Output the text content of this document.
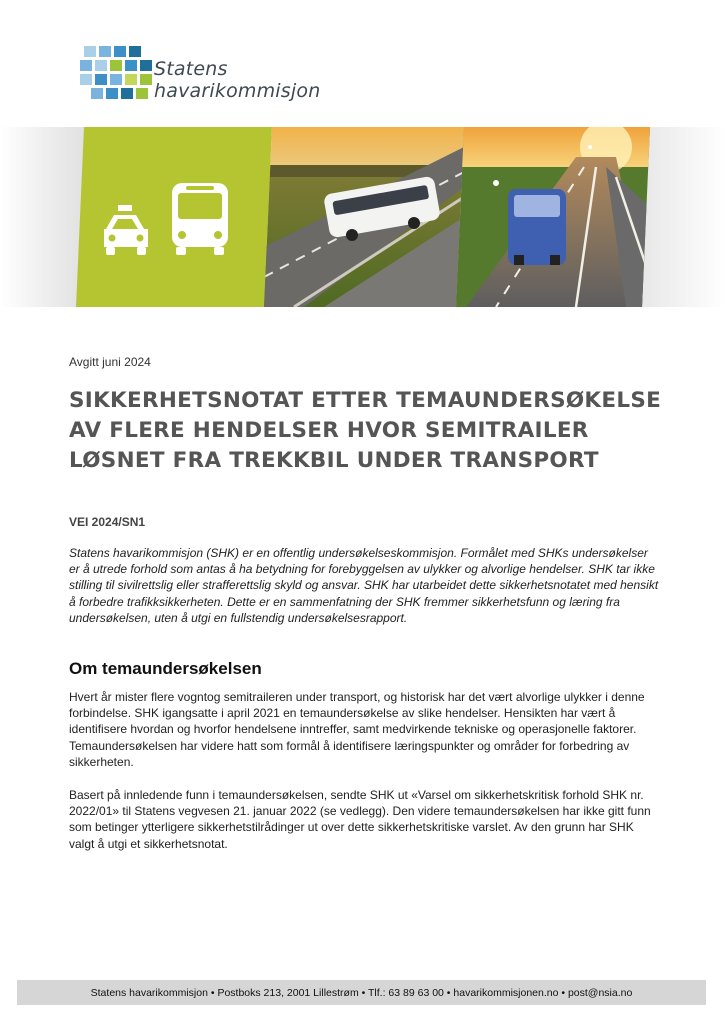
Statens
havarikommisjon
Avgitt juni 2024
SIKKERHETSNOTAT ETTER TEMAUNDERSØKELSE AV FLERE HENDELSER HVOR SEMITRAILER LØSNET FRA TREKKBIL UNDER TRANSPORT
VEI 2024/SN1

Statens havarikommisjon (SHK) er en offentlig undersøkelseskommisjon. Formålet med SHKs undersøkelser er å utrede forhold som antas å ha betydning for forebyggelsen av ulykker og alvorlige hendelser. SHK tar ikke stilling til sivilrettslig eller strafferettslig skyld og ansvar. SHK har utarbeidet dette sikkerhetsnotatet med hensikt å forbedre trafikksikkerheten. Dette er en sammenfatning der SHK fremmer sikkerhetsfunn og læring fra undersøkelsen, uten å utgi en fullstendig undersøkelsesrapport.

Om temaundersøkelsen

Hvert år mister flere vogntog semitraileren under transport, og historisk har det vært alvorlige ulykker i denne forbindelse. SHK igangsatte i april 2021 en temaundersøkelse av slike hendelser. Hensikten har vært å identifisere hvordan og hvorfor hendelsene inntreffer, samt medvirkende tekniske og operasjonelle faktorer. Temaundersøkelsen har videre hatt som formål å identifisere læringspunkter og områder for forbedring av sikkerheten.

Basert på innledende funn i temaundersøkelsen, sendte SHK ut «Varsel om sikkerhetskritisk forhold SHK nr. 2022/01» til Statens vegvesen 21. januar 2022 (se vedlegg). Den videre temaundersøkelsen har ikke gitt funn som betinger ytterligere sikkerhetstilrådinger ut over dette sikkerhetskritiske varslet. Av den grunn har SHK valgt å utgi et sikkerhetsnotat.

Statens havarikommisjon • Postboks 213, 2001 Lillestrøm • Tlf.: 63 89 63 00 • havarikommisjonen.no • post@nsia.no
